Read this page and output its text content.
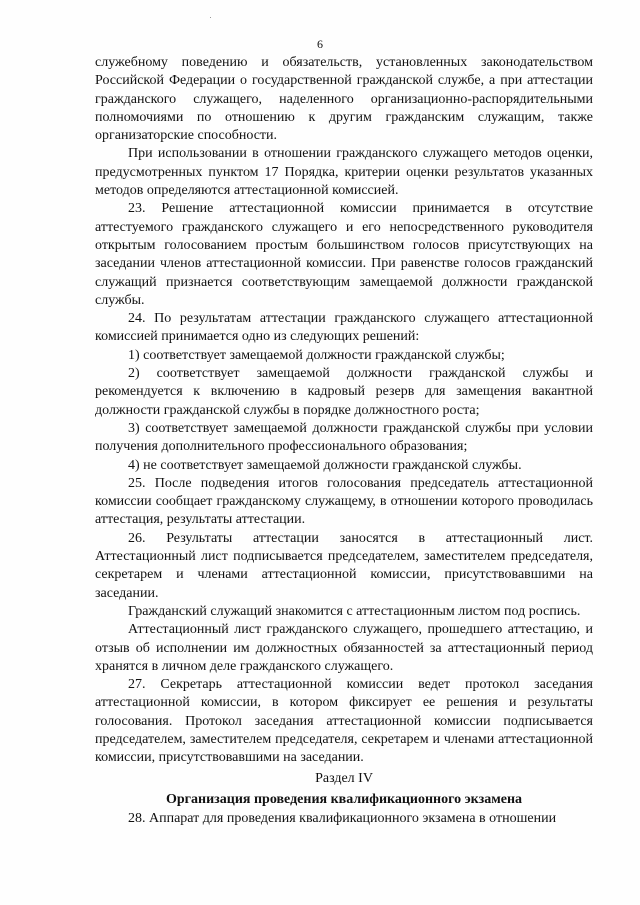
6

служебному поведению и обязательств, установленных законодательством Российской Федерации о государственной гражданской службе, а при аттестации гражданского служащего, наделенного организационно-распорядительными полномочиями по отношению к другим гражданским служащим, также организаторские способности.

При использовании в отношении гражданского служащего методов оценки, предусмотренных пунктом 17 Порядка, критерии оценки результатов указанных методов определяются аттестационной комиссией.

23. Решение аттестационной комиссии принимается в отсутствие аттестуемого гражданского служащего и его непосредственного руководителя открытым голосованием простым большинством голосов присутствующих на заседании членов аттестационной комиссии. При равенстве голосов гражданский служащий признается соответствующим замещаемой должности гражданской службы.

24. По результатам аттестации гражданского служащего аттестационной комиссией принимается одно из следующих решений:

1) соответствует замещаемой должности гражданской службы;

2) соответствует замещаемой должности гражданской службы и рекомендуется к включению в кадровый резерв для замещения вакантной должности гражданской службы в порядке должностного роста;

3) соответствует замещаемой должности гражданской службы при условии получения дополнительного профессионального образования;

4) не соответствует замещаемой должности гражданской службы.

25. После подведения итогов голосования председатель аттестационной комиссии сообщает гражданскому служащему, в отношении которого проводилась аттестация, результаты аттестации.

26. Результаты аттестации заносятся в аттестационный лист. Аттестационный лист подписывается председателем, заместителем председателя, секретарем и членами аттестационной комиссии, присутствовавшими на заседании.

Гражданский служащий знакомится с аттестационным листом под роспись.

Аттестационный лист гражданского служащего, прошедшего аттестацию, и отзыв об исполнении им должностных обязанностей за аттестационный период хранятся в личном деле гражданского служащего.

27. Секретарь аттестационной комиссии ведет протокол заседания аттестационной комиссии, в котором фиксирует ее решения и результаты голосования. Протокол заседания аттестационной комиссии подписывается председателем, заместителем председателя, секретарем и членами аттестационной комиссии, присутствовавшими на заседании.

Раздел IV

Организация проведения квалификационного экзамена

28. Аппарат для проведения квалификационного экзамена в отношении
